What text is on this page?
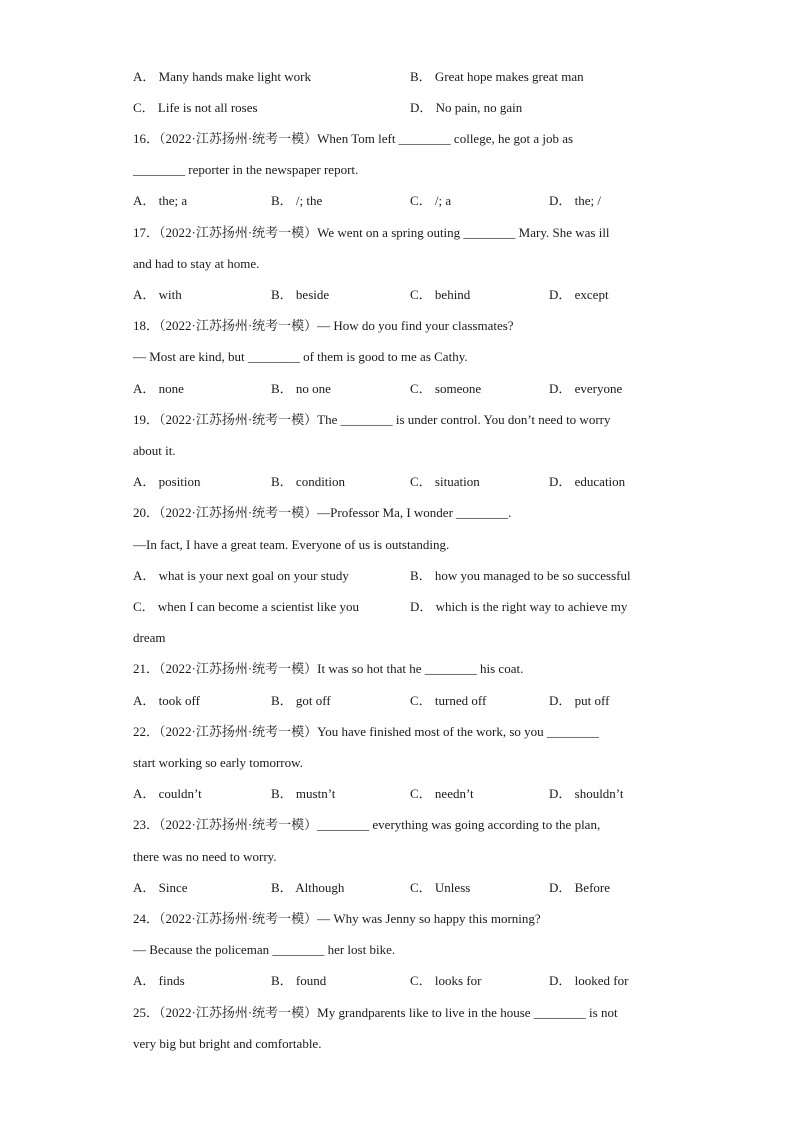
A． Many hands make light work	B． Great hope makes great man
C． Life is not all roses	D． No pain, no gain
16．（2022·江苏扬州·统考一模）When Tom left ________ college, he got a job as
________ reporter in the newspaper report.
A． the; a	B． /; the	C． /; a	D． the; /
17．（2022·江苏扬州·统考一模）We went on a spring outing ________ Mary. She was ill
and had to stay at home.
A． with	B． beside	C． behind	D． except
18．（2022·江苏扬州·统考一模）— How do you find your classmates?
— Most are kind, but ________ of them is good to me as Cathy.
A． none	B． no one	C． someone	D． everyone
19．（2022·江苏扬州·统考一模）The ________ is under control. You don’t need to worry
about it.
A． position	B． condition	C． situation	D． education
20．（2022·江苏扬州·统考一模）—Professor Ma, I wonder ________.
—In fact, I have a great team. Everyone of us is outstanding.
A． what is your next goal on your study	B． how you managed to be so successful
C． when I can become a scientist like you	D． which is the right way to achieve my
dream
21．（2022·江苏扬州·统考一模）It was so hot that he ________ his coat.
A． took off	B． got off	C． turned off	D． put off
22．（2022·江苏扬州·统考一模）You have finished most of the work, so you ________
start working so early tomorrow.
A． couldn’t	B． mustn’t	C． needn’t	D． shouldn’t
23．（2022·江苏扬州·统考一模）________ everything was going according to the plan,
there was no need to worry.
A． Since	B． Although	C． Unless	D． Before
24．（2022·江苏扬州·统考一模）— Why was Jenny so happy this morning?
— Because the policeman ________ her lost bike.
A． finds	B． found	C． looks for	D． looked for
25．（2022·江苏扬州·统考一模）My grandparents like to live in the house ________ is not
very big but bright and comfortable.
